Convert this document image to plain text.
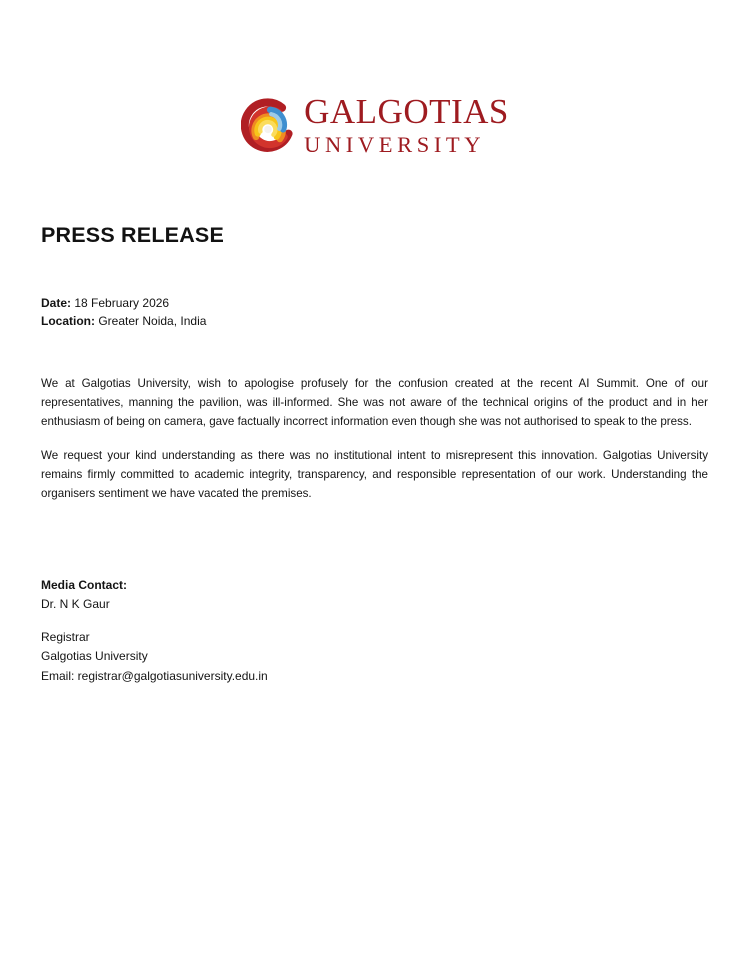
GALGOTIAS
UNIVERSITY
PRESS RELEASE
Date: 18 February 2026
Location: Greater Noida, India

We at Galgotias University, wish to apologise profusely for the confusion created at the recent AI Summit. One of our representatives, manning the pavilion, was ill-informed. She was not aware of the technical origins of the product and in her enthusiasm of being on camera, gave factually incorrect information even though she was not authorised to speak to the press.

We request your kind understanding as there was no institutional intent to misrepresent this innovation. Galgotias University remains firmly committed to academic integrity, transparency, and responsible representation of our work. Understanding the organisers sentiment we have vacated the premises.

Media Contact:
Dr. N K Gaur
Registrar
Galgotias University
Email: registrar@galgotiasuniversity.edu.in
